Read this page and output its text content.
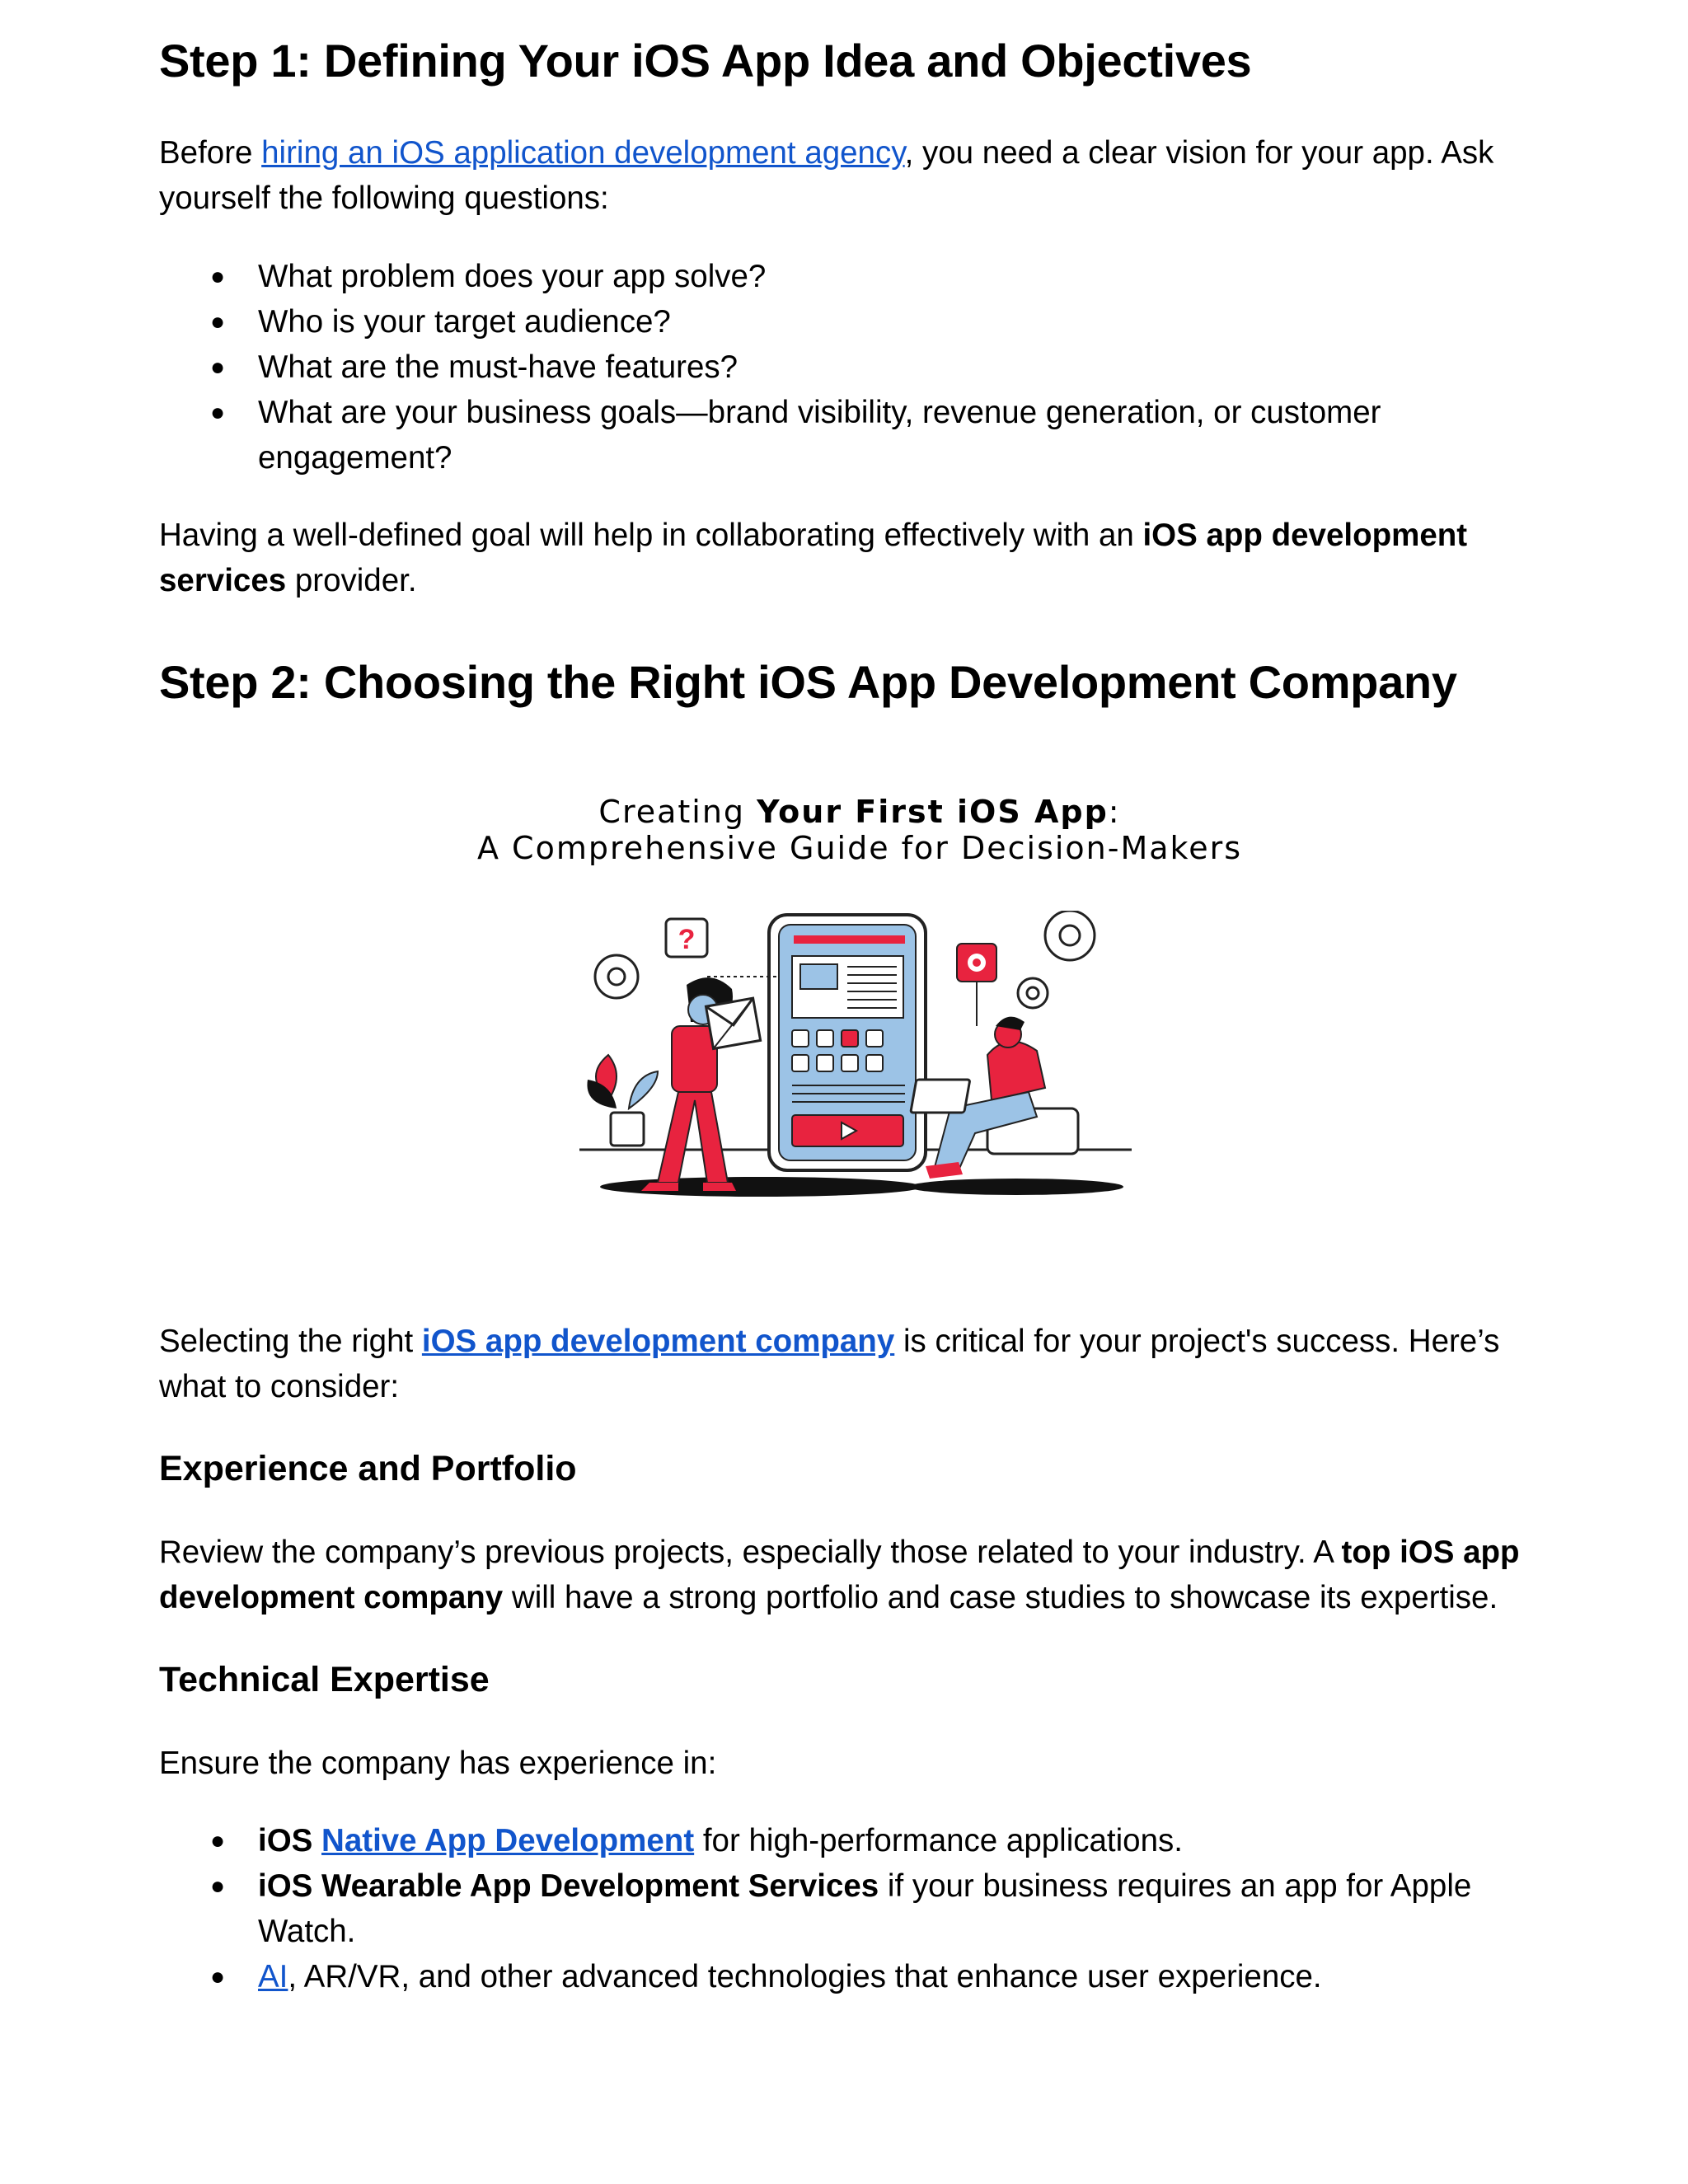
Step 1: Defining Your iOS App Idea and Objectives

Before hiring an iOS application development agency, you need a clear vision for your app. Ask yourself the following questions:

● What problem does your app solve?
● Who is your target audience?
● What are the must-have features?
● What are your business goals—brand visibility, revenue generation, or customer engagement?

Having a well-defined goal will help in collaborating effectively with an iOS app development services provider.

Step 2: Choosing the Right iOS App Development Company
Creating Your First iOS App:
A Comprehensive Guide for Decision-Makers
?

Selecting the right iOS app development company is critical for your project's success. Here’s what to consider:

Experience and Portfolio

Review the company’s previous projects, especially those related to your industry. A top iOS app development company will have a strong portfolio and case studies to showcase its expertise.

Technical Expertise

Ensure the company has experience in:

● iOS Native App Development for high-performance applications.
● iOS Wearable App Development Services if your business requires an app for Apple Watch.
● AI, AR/VR, and other advanced technologies that enhance user experience.
